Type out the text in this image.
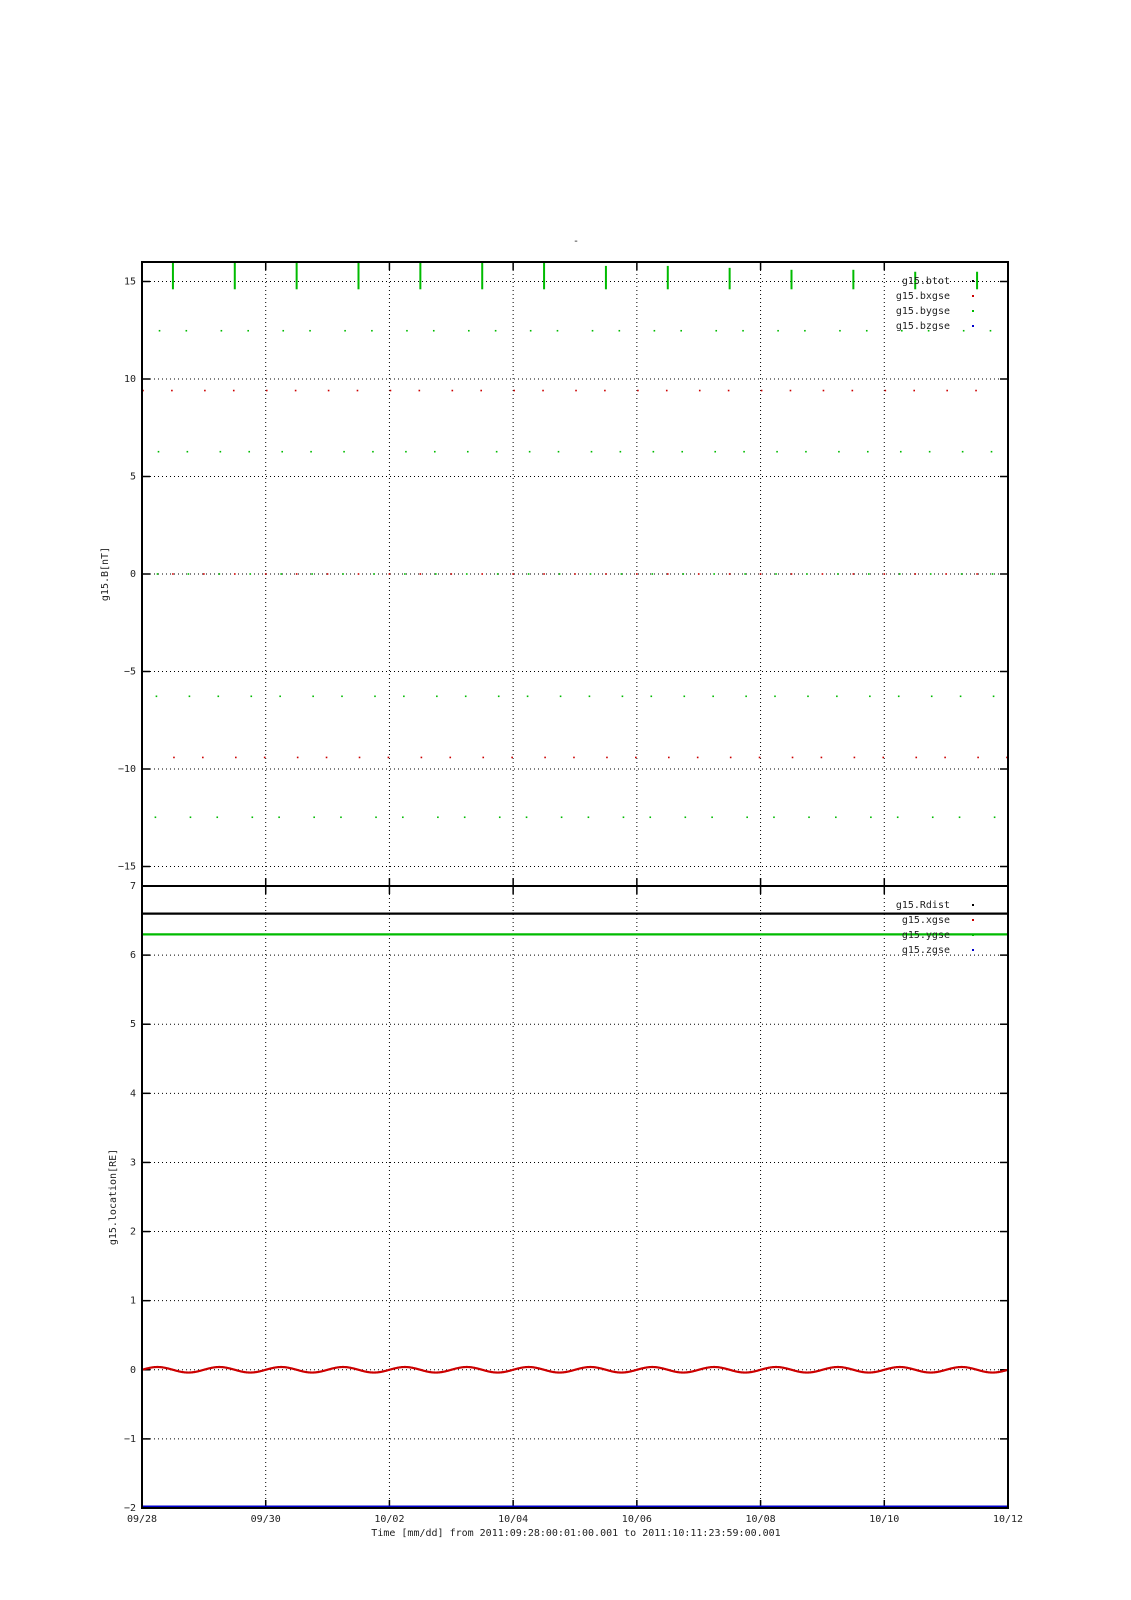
-
15
10
5
0
−5
−10
−15
g15.B[nT]
g15.btot
g15.bxgse
g15.bygse
g15.bzgse
7
6
5
4
3
2
1
0
−1
−2
g15.location[RE]
g15.Rdist
g15.xgse
g15.ygse
g15.zgse
09/28	09/30	10/02	10/04	10/06	10/08	10/10	10/12
Time [mm/dd] from 2011:09:28:00:01:00.001 to 2011:10:11:23:59:00.001
